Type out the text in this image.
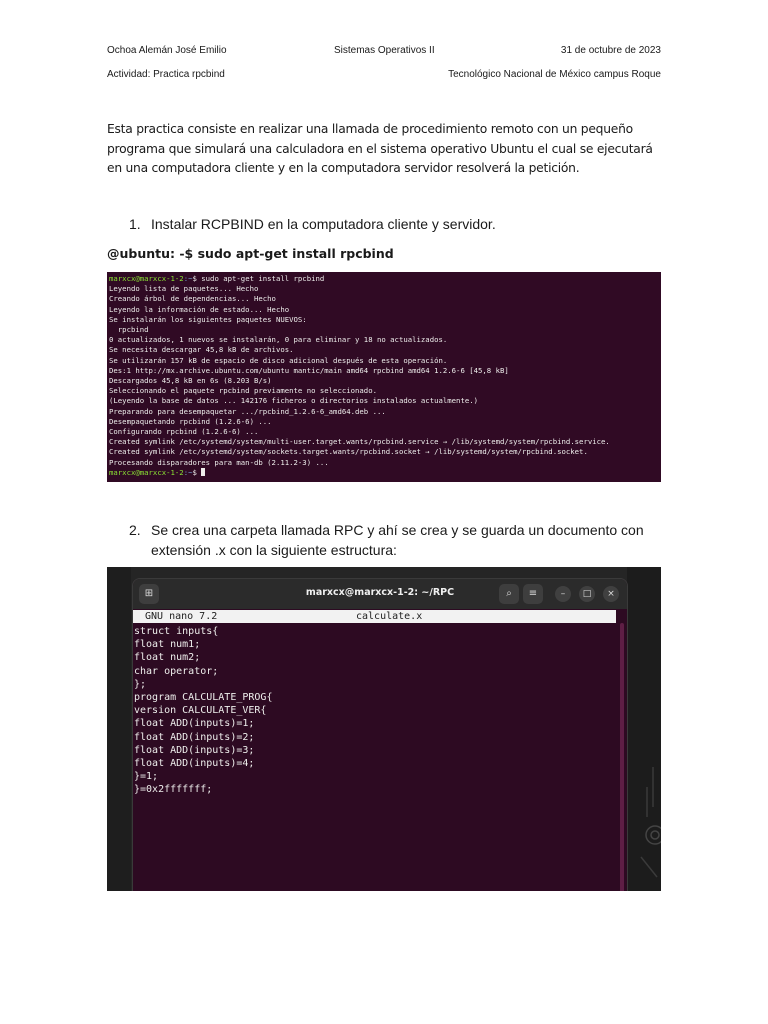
Ochoa Alemán José Emilio	Sistemas Operativos II	31 de octubre de 2023
Actividad: Practica rpcbind	Tecnológico Nacional de México campus Roque

Esta practica consiste en realizar una llamada de procedimiento remoto con un pequeño programa que simulará una calculadora en el sistema operativo Ubuntu el cual se ejecutará en una computadora cliente y en la computadora servidor resolverá la petición.

1. Instalar RCPBIND en la computadora cliente y servidor.
@ubuntu: -$ sudo apt-get install rpcbind
marxcx@marxcx-1-2:~$ sudo apt-get install rpcbind
Leyendo lista de paquetes... Hecho
Creando árbol de dependencias... Hecho
Leyendo la información de estado... Hecho
Se instalarán los siguientes paquetes NUEVOS:
rpcbind
0 actualizados, 1 nuevos se instalarán, 0 para eliminar y 18 no actualizados.
Se necesita descargar 45,8 kB de archivos.
Se utilizarán 157 kB de espacio de disco adicional después de esta operación.
Des:1 http://mx.archive.ubuntu.com/ubuntu mantic/main amd64 rpcbind amd64 1.2.6-6 [45,8 kB]
Descargados 45,8 kB en 6s (8.203 B/s)
Seleccionando el paquete rpcbind previamente no seleccionado.
(Leyendo la base de datos ... 142176 ficheros o directorios instalados actualmente.)
Preparando para desempaquetar .../rpcbind_1.2.6-6_amd64.deb ...
Desempaquetando rpcbind (1.2.6-6) ...
Configurando rpcbind (1.2.6-6) ...
Created symlink /etc/systemd/system/multi-user.target.wants/rpcbind.service → /lib/systemd/system/rpcbind.service.
Created symlink /etc/systemd/system/sockets.target.wants/rpcbind.socket → /lib/systemd/system/rpcbind.socket.
Procesando disparadores para man-db (2.11.2-3) ...
marxcx@marxcx-1-2:~$
2. Se crea una carpeta llamada RPC y ahí se crea y se guarda un documento con extensión .x con la siguiente estructura:
⊞	marxcx@marxcx-1-2: ~/RPC	⌕	≡	–	□	×
GNU nano 7.2	calculate.x
struct inputs{
float num1;
float num2;
char operator;
};
program CALCULATE_PROG{
version CALCULATE_VER{
float ADD(inputs)=1;
float ADD(inputs)=2;
float ADD(inputs)=3;
float ADD(inputs)=4;
}=1;
}=0x2fffffff;
